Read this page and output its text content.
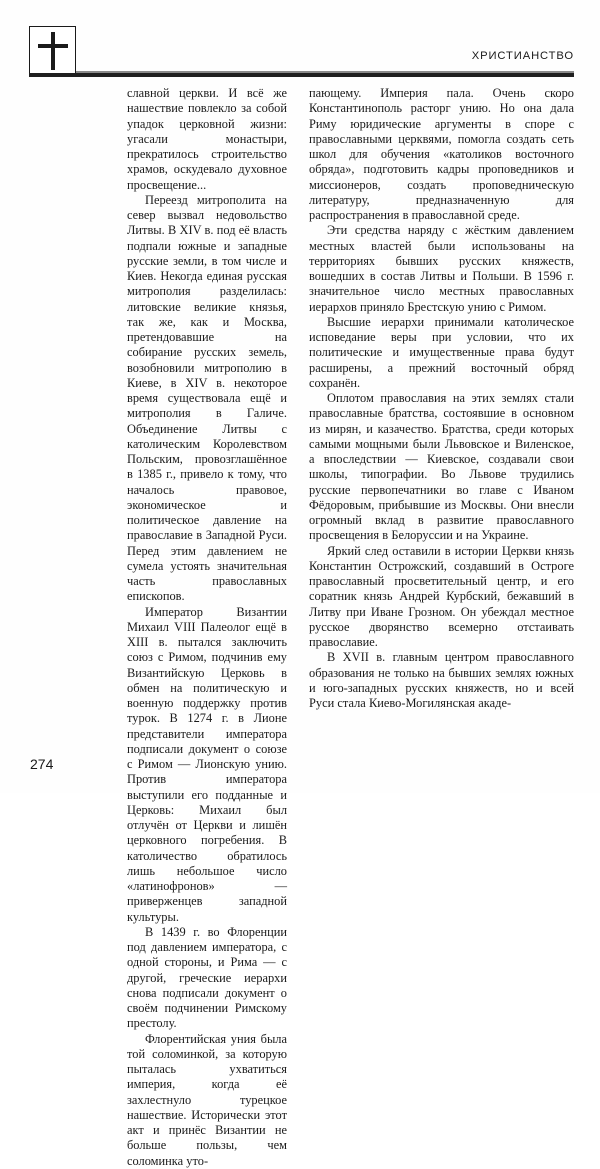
ХРИСТИАНСТВО

славной церкви. И всё же нашествие повлекло за собой упадок церковной жизни: угасали монастыри, прекратилось строительство храмов, оскудевало духовное просвещение...

Переезд митрополита на север вызвал недовольство Литвы. В XIV в. под её власть подпали южные и западные русские земли, в том числе и Киев. Некогда единая русская митрополия разделилась: литовские великие князья, так же, как и Москва, претендовавшие на собирание русских земель, возобновили митрополию в Киеве, в XIV в. некоторое время существовала ещё и митрополия в Галиче. Объединение Литвы с католическим Королевством Польским, провозглашённое в 1385 г., привело к тому, что началось правовое, экономическое и политическое давление на православие в Западной Руси. Перед этим давлением не сумела устоять значительная часть православных епископов.

Император Византии Михаил VIII Палеолог ещё в XIII в. пытался заключить союз с Римом, подчинив ему Византийскую Церковь в обмен на политическую и военную поддержку против турок. В 1274 г. в Лионе представители императора подписали документ о союзе с Римом — Лионскую унию. Против императора выступили его подданные и Церковь: Михаил был отлучён от Церкви и лишён церковного погребения. В католичество обратилось лишь небольшое число «латинофронов» — приверженцев западной культуры.

В 1439 г. во Флоренции под давлением императора, с одной стороны, и Рима — с другой, греческие иерархи снова подписали документ о своём подчинении Римскому престолу.

Флорентийская уния была той соломинкой, за которую пыталась ухватиться империя, когда её захлестнуло турецкое нашествие. Исторически этот акт и принёс Византии не больше пользы, чем соломинка уто-

пающему. Империя пала. Очень скоро Константинополь расторг унию. Но она дала Риму юридические аргументы в споре с православными церквями, помогла создать сеть школ для обучения «католиков восточного обряда», подготовить кадры проповедников и миссионеров, создать проповедническую литературу, предназначенную для распространения в православной среде.

Эти средства наряду с жёстким давлением местных властей были использованы на территориях бывших русских княжеств, вошедших в состав Литвы и Польши. В 1596 г. значительное число местных православных иерархов приняло Брестскую унию с Римом.

Высшие иерархи принимали католическое исповедание веры при условии, что их политические и имущественные права будут расширены, а прежний восточный обряд сохранён.

Оплотом православия на этих землях стали православные братства, состоявшие в основном из мирян, и казачество. Братства, среди которых самыми мощными были Львовское и Виленское, а впоследствии — Киевское, создавали свои школы, типографии. Во Львове трудились русские первопечатники во главе с Иваном Фёдоровым, прибывшие из Москвы. Они внесли огромный вклад в развитие православного просвещения в Белоруссии и на Украине.

Яркий след оставили в истории Церкви князь Константин Острожский, создавший в Остроге православный просветительный центр, и его соратник князь Андрей Курбский, бежавший в Литву при Иване Грозном. Он убеждал местное русское дворянство всемерно отстаивать православие.

В XVII в. главным центром православного образования не только на бывших землях южных и юго-западных русских княжеств, но и всей Руси стала Киево-Могилянская акаде-

274
